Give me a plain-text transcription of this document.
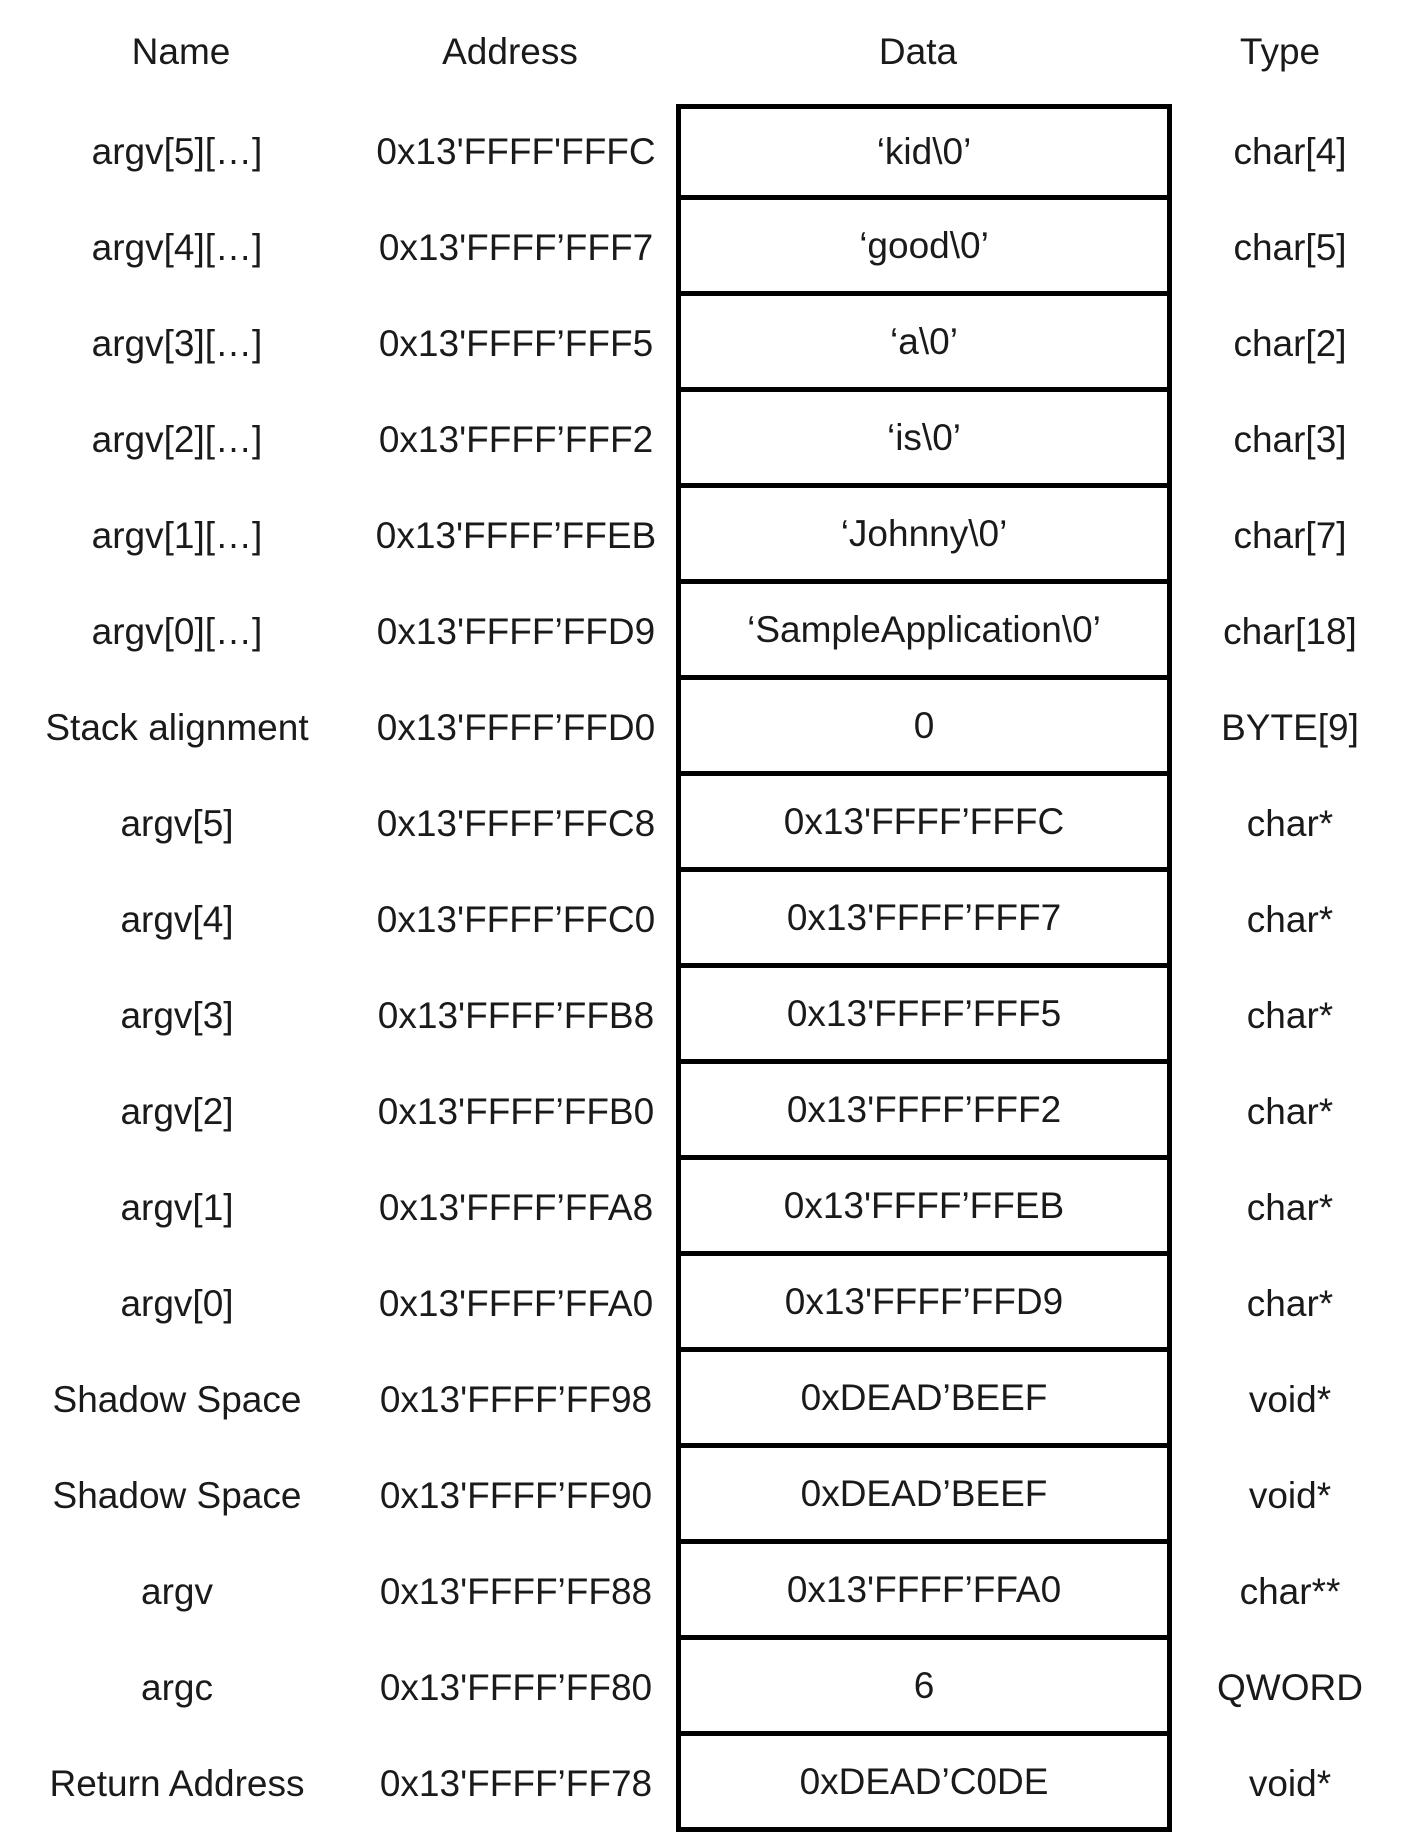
Name	Address	Data	Type
argv[5][…]	0x13'FFFF'FFFC	‘kid\0’	char[4]
argv[4][…]	0x13'FFFF’FFF7	‘good\0’	char[5]
argv[3][…]	0x13'FFFF’FFF5	‘a\0’	char[2]
argv[2][…]	0x13'FFFF’FFF2	‘is\0’	char[3]
argv[1][…]	0x13'FFFF’FFEB	‘Johnny\0’	char[7]
argv[0][…]	0x13'FFFF’FFD9	‘SampleApplication\0’	char[18]
Stack alignment	0x13'FFFF’FFD0	0	BYTE[9]
argv[5]	0x13'FFFF’FFC8	0x13'FFFF’FFFC	char*
argv[4]	0x13'FFFF’FFC0	0x13'FFFF’FFF7	char*
argv[3]	0x13'FFFF’FFB8	0x13'FFFF’FFF5	char*
argv[2]	0x13'FFFF’FFB0	0x13'FFFF’FFF2	char*
argv[1]	0x13'FFFF’FFA8	0x13'FFFF’FFEB	char*
argv[0]	0x13'FFFF’FFA0	0x13'FFFF’FFD9	char*
Shadow Space	0x13'FFFF’FF98	0xDEAD’BEEF	void*
Shadow Space	0x13'FFFF’FF90	0xDEAD’BEEF	void*
argv	0x13'FFFF’FF88	0x13'FFFF’FFA0	char**
argc	0x13'FFFF’FF80	6	QWORD
Return Address	0x13'FFFF’FF78	0xDEAD’C0DE	void*
